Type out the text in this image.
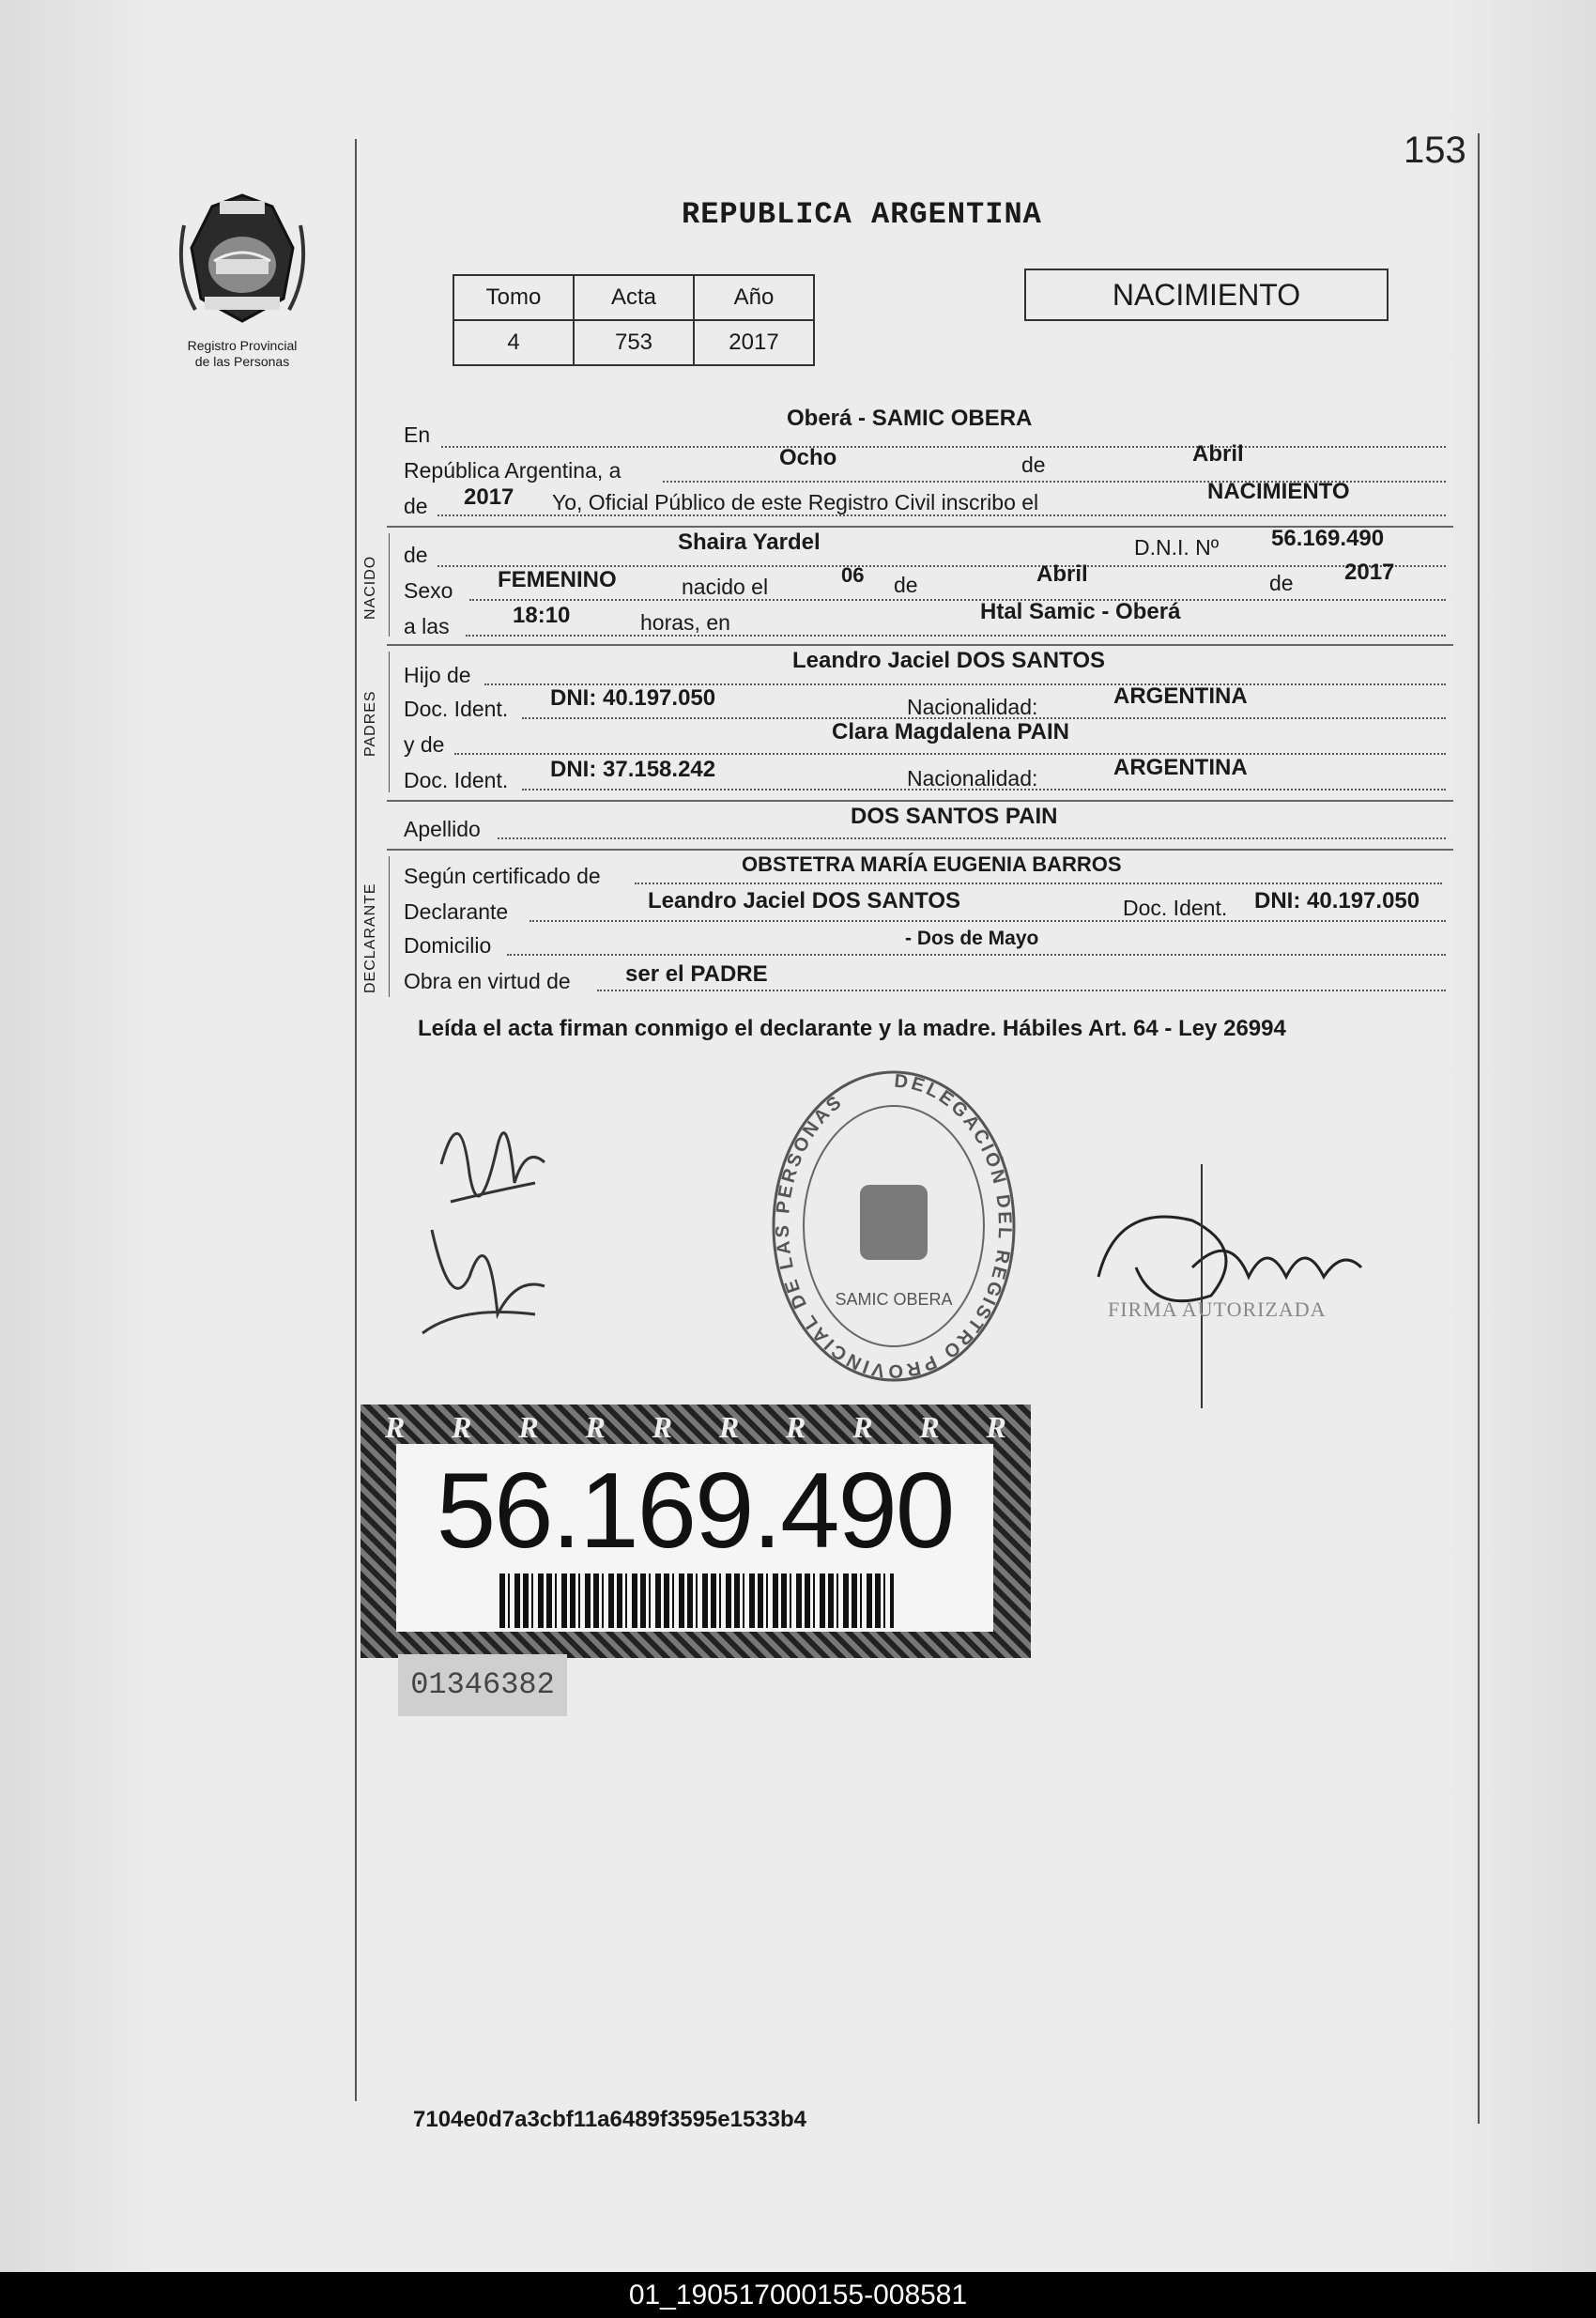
153
Registro Provincial
de las Personas
REPUBLICA ARGENTINA
Tomo	Acta	Año
4	753	2017
NACIMIENTO
En
Oberá - SAMIC OBERA
República Argentina, a	Ocho	de	Abril
de 2017 Yo, Oficial Público de este Registro Civil inscribo el	NACIMIENTO
NACIDO
de	Shaira Yardel	D.N.I. Nº 56.169.490
Sexo FEMENINO	nacido el	06 de	Abril	de 2017
a las	18:10	horas, en	Htal Samic - Oberá
PADRES
Hijo de
Leandro Jaciel DOS SANTOS
Doc. Ident. DNI: 40.197.050	Nacionalidad:	ARGENTINA
y de	Clara Magdalena PAIN
Doc. Ident. DNI: 37.158.242	Nacionalidad:	ARGENTINA
Apellido	DOS SANTOS PAIN
DECLARANTE
Según certificado de	OBSTETRA MARÍA EUGENIA BARROS
Declarante	Leandro Jaciel DOS SANTOS	Doc. Ident. DNI: 40.197.050
Domicilio	- Dos de Mayo
Obra en virtud de ser el PADRE
Leída el acta firman conmigo el declarante y la madre. Hábiles Art. 64 - Ley 26994
FIRMA AUTORIZADA
DELEGACIÓN DEL REGISTRO PROVINCIAL DE LAS PERSONAS
SAMIC OBERA
R R R R R R R R R R
56.169.490
01346382
7104e0d7a3cbf11a6489f3595e1533b4
01_190517000155-008581
